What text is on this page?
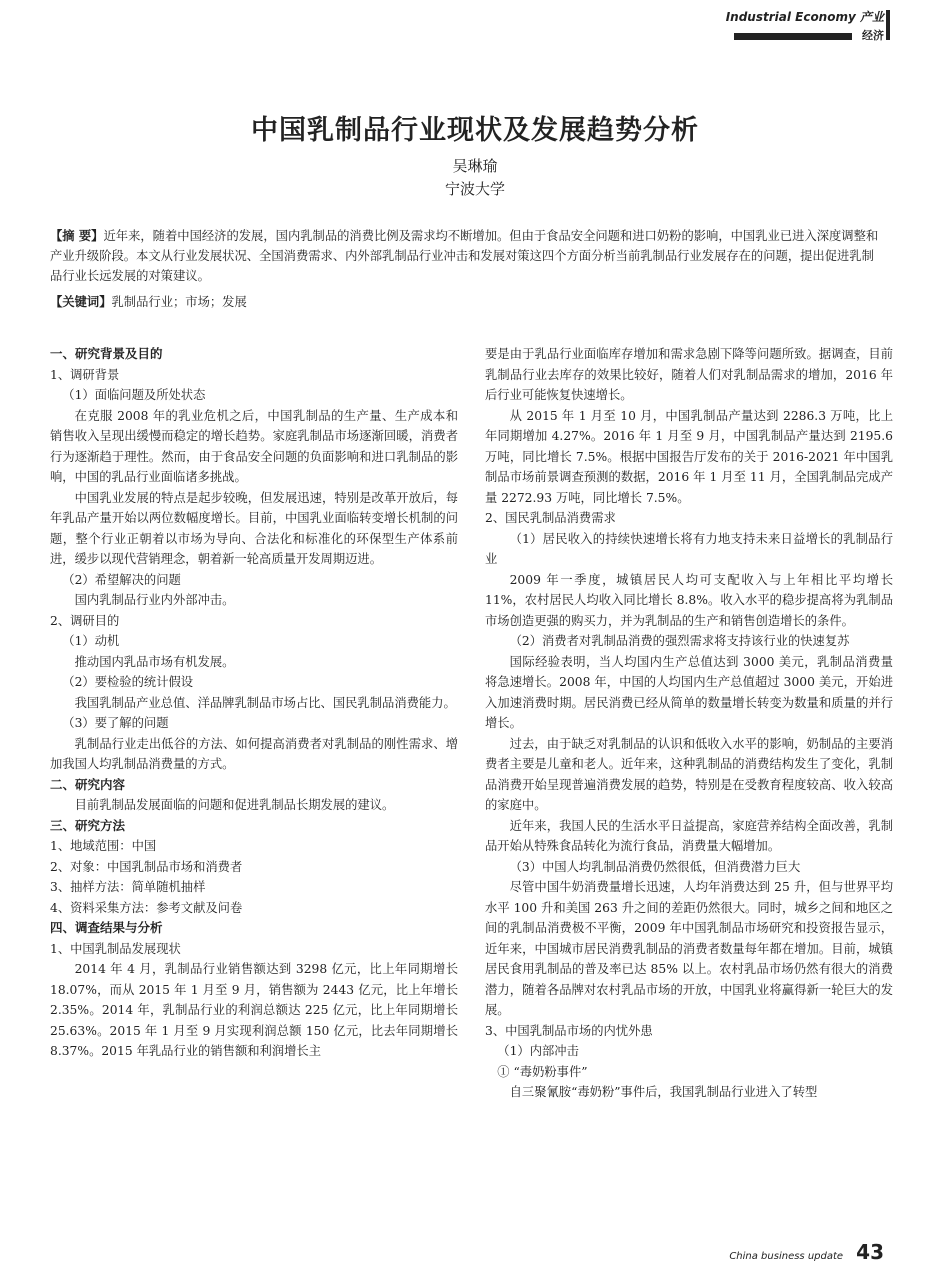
Industrial Economy 产业
经济
中国乳制品行业现状及发展趋势分析
吴琳瑜
宁波大学
【摘 要】近年来，随着中国经济的发展，国内乳制品的消费比例及需求均不断增加。但由于食品安全问题和进口奶粉的影响，中国乳业已进入深度调整和产业升级阶段。本文从行业发展状况、全国消费需求、内外部乳制品行业冲击和发展对策这四个方面分析当前乳制品行业发展存在的问题，提出促进乳制品行业长远发展的对策建议。
【关键词】乳制品行业；市场；发展

一、研究背景及目的

1、调研背景

（1）面临问题及所处状态

在克服 2008 年的乳业危机之后，中国乳制品的生产量、生产成本和销售收入呈现出缓慢而稳定的增长趋势。家庭乳制品市场逐渐回暖，消费者行为逐渐趋于理性。然而，由于食品安全问题的负面影响和进口乳制品的影响，中国的乳品行业面临诸多挑战。

中国乳业发展的特点是起步较晚，但发展迅速，特别是改革开放后，每年乳品产量开始以两位数幅度增长。目前，中国乳业面临转变增长机制的问题，整个行业正朝着以市场为导向、合法化和标准化的环保型生产体系前进，缓步以现代营销理念，朝着新一轮高质量开发周期迈进。

（2）希望解决的问题

国内乳制品行业内外部冲击。

2、调研目的

（1）动机

推动国内乳品市场有机发展。

（2）要检验的统计假设

我国乳制品产业总值、洋品牌乳制品市场占比、国民乳制品消费能力。

（3）要了解的问题

乳制品行业走出低谷的方法、如何提高消费者对乳制品的刚性需求、增加我国人均乳制品消费量的方式。

二、研究内容

目前乳制品发展面临的问题和促进乳制品长期发展的建议。

三、研究方法

1、地域范围：中国

2、对象：中国乳制品市场和消费者

3、抽样方法：简单随机抽样

4、资料采集方法：参考文献及问卷

四、调查结果与分析

1、中国乳制品发展现状

2014 年 4 月，乳制品行业销售额达到 3298 亿元，比上年同期增长 18.07%，而从 2015 年 1 月至 9 月，销售额为 2443 亿元，比上年增长 2.35%。2014 年，乳制品行业的利润总额达 225 亿元，比上年同期增长 25.63%。2015 年 1 月至 9 月实现利润总额 150 亿元，比去年同期增长 8.37%。2015 年乳品行业的销售额和利润增长主

要是由于乳品行业面临库存增加和需求急剧下降等问题所致。据调查，目前乳制品行业去库存的效果比较好，随着人们对乳制品需求的增加，2016 年后行业可能恢复快速增长。

从 2015 年 1 月至 10 月，中国乳制品产量达到 2286.3 万吨，比上年同期增加 4.27%。2016 年 1 月至 9 月，中国乳制品产量达到 2195.6 万吨，同比增长 7.5%。根据中国报告厅发布的关于 2016-2021 年中国乳制品市场前景调查预测的数据，2016 年 1 月至 11 月，全国乳制品完成产量 2272.93 万吨，同比增长 7.5%。

2、国民乳制品消费需求

（1）居民收入的持续快速增长将有力地支持未来日益增长的乳制品行业

2009 年一季度，城镇居民人均可支配收入与上年相比平均增长 11%，农村居民人均收入同比增长 8.8%。收入水平的稳步提高将为乳制品市场创造更强的购买力，并为乳制品的生产和销售创造增长的条件。

（2）消费者对乳制品消费的强烈需求将支持该行业的快速复苏

国际经验表明，当人均国内生产总值达到 3000 美元，乳制品消费量将急速增长。2008 年，中国的人均国内生产总值超过 3000 美元，开始进入加速消费时期。居民消费已经从简单的数量增长转变为数量和质量的并行增长。

过去，由于缺乏对乳制品的认识和低收入水平的影响，奶制品的主要消费者主要是儿童和老人。近年来，这种乳制品的消费结构发生了变化，乳制品消费开始呈现普遍消费发展的趋势，特别是在受教育程度较高、收入较高的家庭中。

近年来，我国人民的生活水平日益提高，家庭营养结构全面改善，乳制品开始从特殊食品转化为流行食品，消费量大幅增加。

（3）中国人均乳制品消费仍然很低，但消费潜力巨大

尽管中国牛奶消费量增长迅速，人均年消费达到 25 升，但与世界平均水平 100 升和美国 263 升之间的差距仍然很大。同时，城乡之间和地区之间的乳制品消费极不平衡，2009 年中国乳制品市场研究和投资报告显示，近年来，中国城市居民消费乳制品的消费者数量每年都在增加。目前，城镇居民食用乳制品的普及率已达 85% 以上。农村乳品市场仍然有很大的消费潜力，随着各品牌对农村乳品市场的开放，中国乳业将赢得新一轮巨大的发展。

3、中国乳制品市场的内忧外患

（1）内部冲击

① “毒奶粉事件”

自三聚氰胺“毒奶粉”事件后，我国乳制品行业进入了转型

China business update 43
